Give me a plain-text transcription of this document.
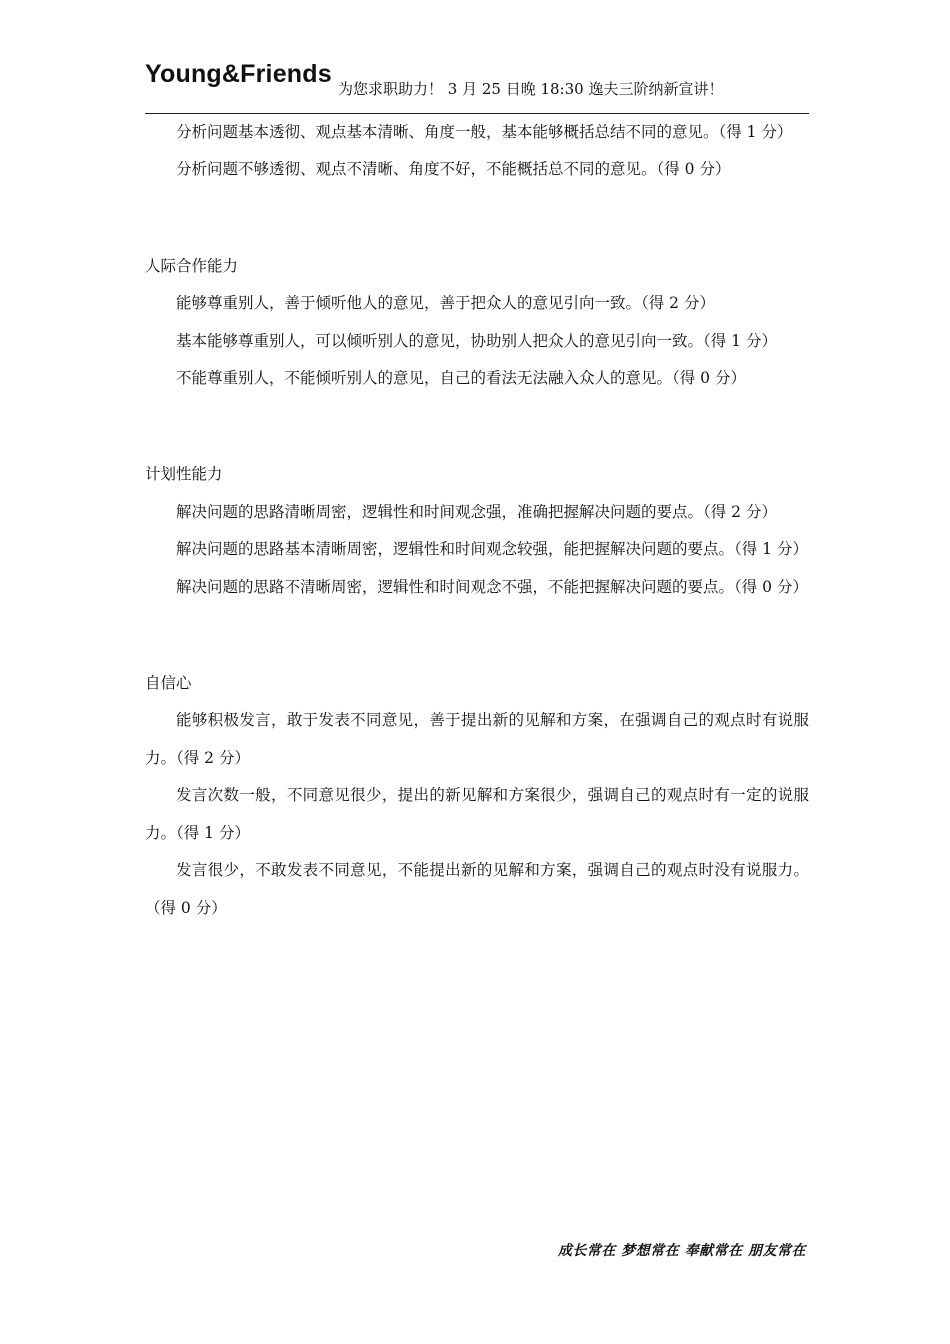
Young&Friends
为您求职助力！ 3 月 25 日晚 18:30 逸夫三阶纳新宣讲！

分析问题基本透彻、观点基本清晰、角度一般，基本能够概括总结不同的意见。（得 1 分）

分析问题不够透彻、观点不清晰、角度不好，不能概括总不同的意见。（得 0 分）

人际合作能力

能够尊重别人，善于倾听他人的意见，善于把众人的意见引向一致。（得 2 分）

基本能够尊重别人，可以倾听别人的意见，协助别人把众人的意见引向一致。（得 1 分）

不能尊重别人，不能倾听别人的意见，自己的看法无法融入众人的意见。（得 0 分）

计划性能力

解决问题的思路清晰周密，逻辑性和时间观念强，准确把握解决问题的要点。（得 2 分）

解决问题的思路基本清晰周密，逻辑性和时间观念较强，能把握解决问题的要点。（得 1 分）

解决问题的思路不清晰周密，逻辑性和时间观念不强，不能把握解决问题的要点。（得 0 分）

自信心

能够积极发言，敢于发表不同意见，善于提出新的见解和方案，在强调自己的观点时有说服力。（得 2 分）

发言次数一般，不同意见很少，提出的新见解和方案很少，强调自己的观点时有一定的说服力。（得 1 分）

发言很少，不敢发表不同意见，不能提出新的见解和方案，强调自己的观点时没有说服力。（得 0 分）

成长常在 梦想常在 奉献常在 朋友常在
